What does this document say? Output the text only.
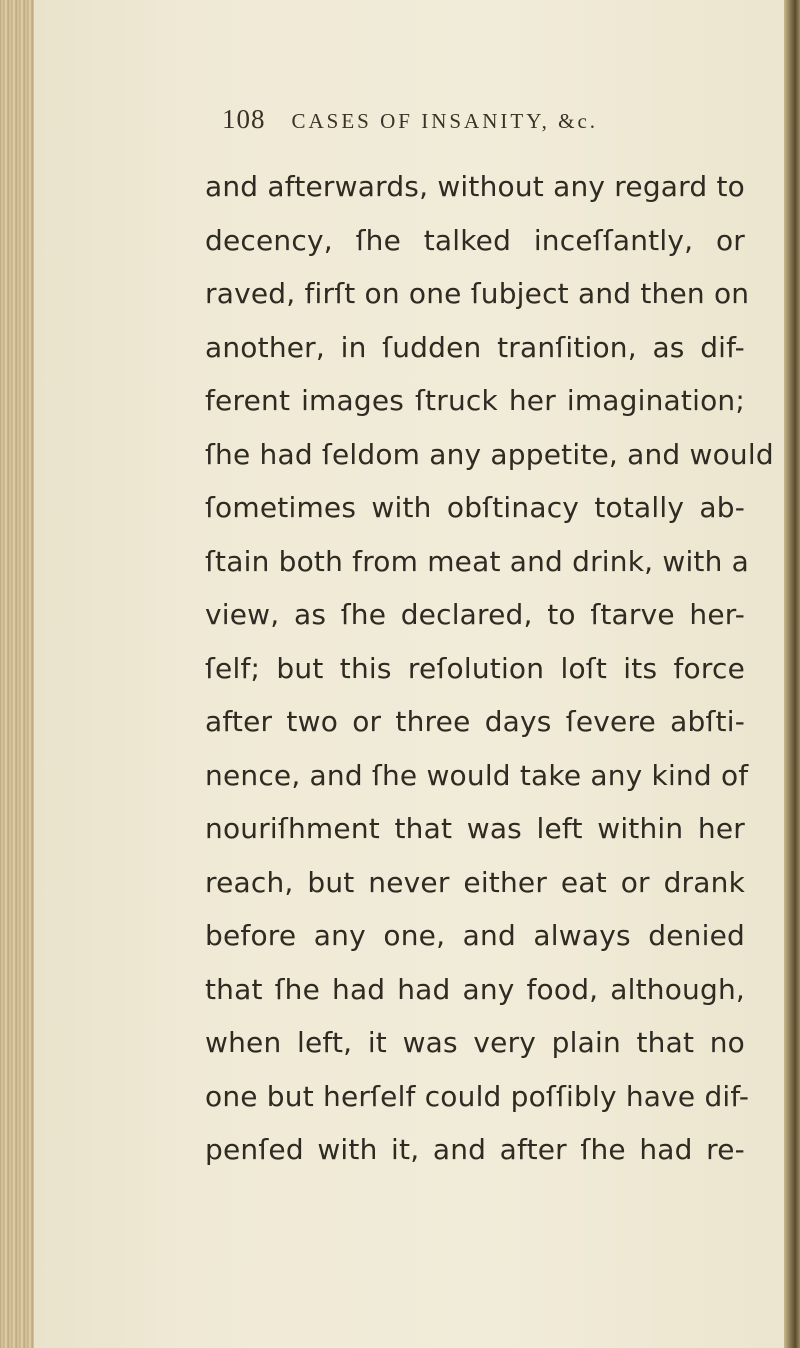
108 CASES OF INSANITY, &c.
and afterwards, without any regard to
decency, ſhe talked inceſſantly, or
raved, firſt on one ſubject and then on
another, in ſudden tranſition, as dif-
ferent images ſtruck her imagination;
ſhe had ſeldom any appetite, and would
ſometimes with obſtinacy totally ab-
ſtain both from meat and drink, with a
view, as ſhe declared, to ſtarve her-
ſelf; but this reſolution loſt its force
after two or three days ſevere abſti-
nence, and ſhe would take any kind of
nouriſhment that was left within her
reach, but never either eat or drank
before any one, and always denied
that ſhe had had any food, although,
when left, it was very plain that no
one but herſelf could poſſibly have dif-
penſed with it, and after ſhe had re-
